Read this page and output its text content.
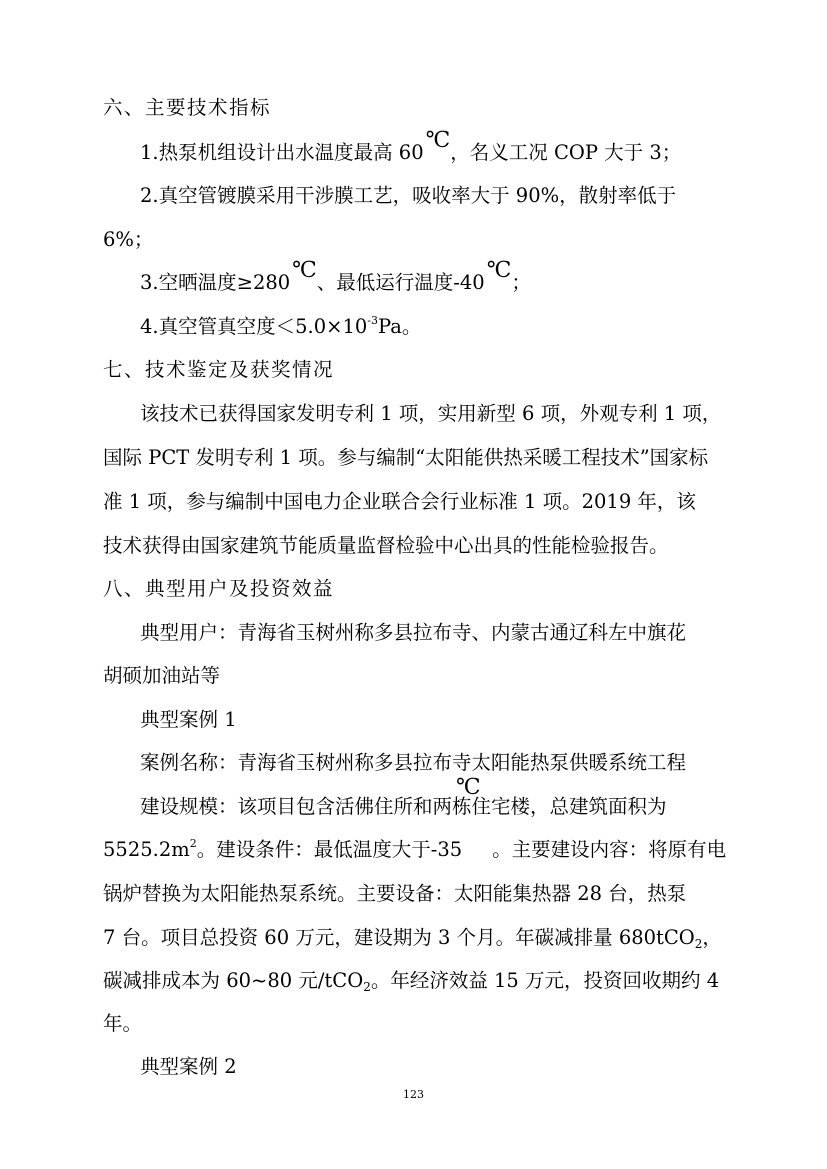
六、主要技术指标
1.热泵机组设计出水温度最高 60℃，名义工况 COP 大于 3；
2.真空管镀膜采用干涉膜工艺，吸收率大于 90%，散射率低于
6%；
3.空晒温度≥280℃、最低运行温度-40℃；
4.真空管真空度$<5.0\times 10^{-3}Pa$。
七、技术鉴定及获奖情况
该技术已获得国家发明专利 1 项，实用新型 6 项，外观专利 1 项，
国际 PCT 发明专利 1 项。参与编制“太阳能供热采暖工程技术”国家标
准 1 项，参与编制中国电力企业联合会行业标准 1 项。2019 年，该
技术获得由国家建筑节能质量监督检验中心出具的性能检验报告。
八、典型用户及投资效益
典型用户：青海省玉树州称多县拉布寺、内蒙古通辽科左中旗花
胡硕加油站等
典型案例 1
案例名称：青海省玉树州称多县拉布寺太阳能热泵供暖系统工程
℃
建设规模：该项目包含活佛住所和两栋住宅楼，总建筑面积为
$5525.2m^2$。建设条件：最低温度大于-35 。主要建设内容：将原有电
锅炉替换为太阳能热泵系统。主要设备：太阳能集热器 28 台，热泵
7 台。项目总投资 60 万元，建设期为 3 个月。年碳减排量 680tCO$_2$，
碳减排成本为 60~80 元/tCO$_2$。年经济效益 15 万元，投资回收期约 4
年。
典型案例 2
123
